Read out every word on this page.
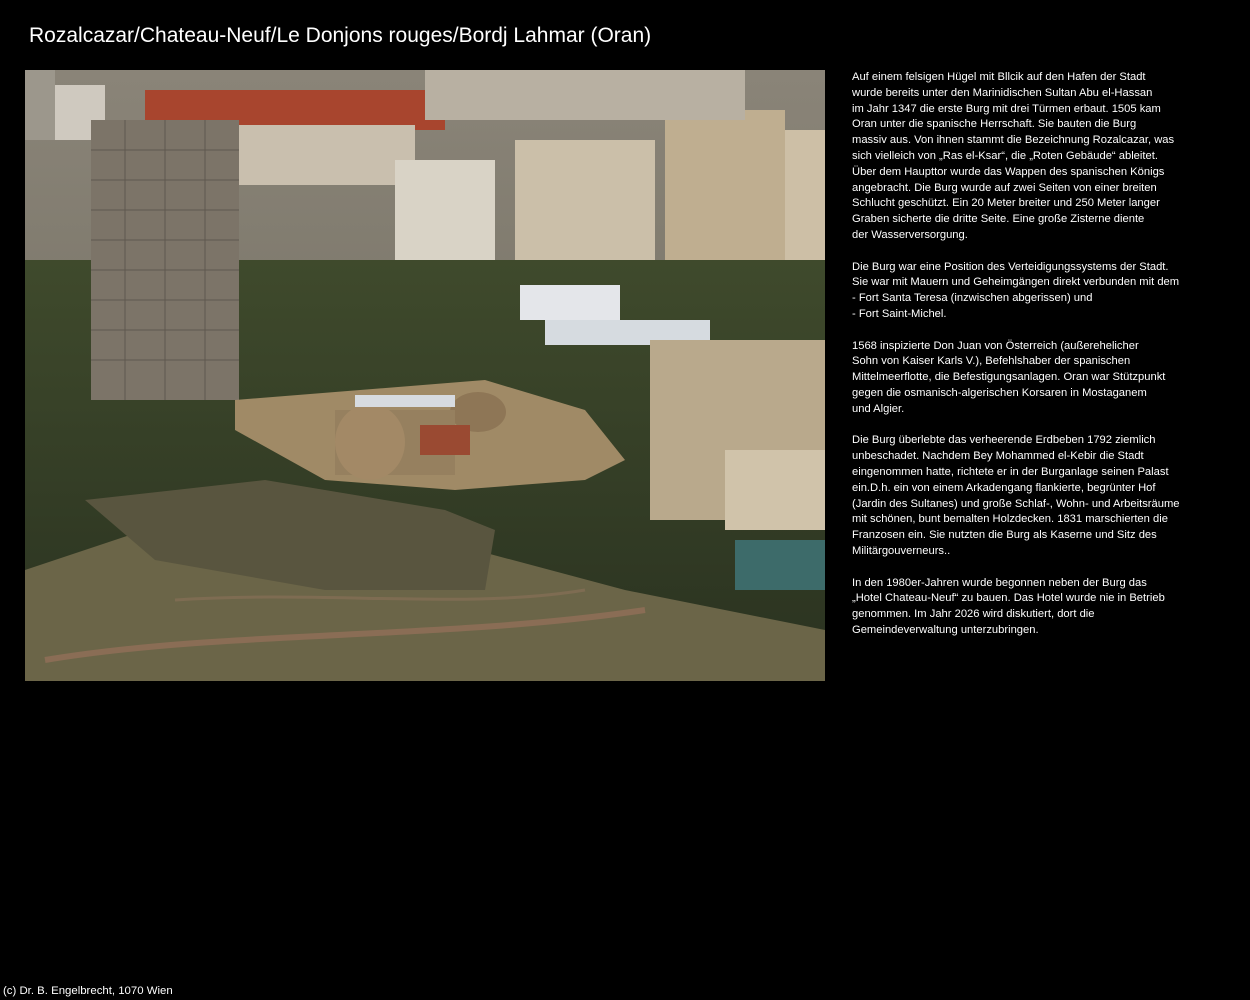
Rozalcazar/Chateau-Neuf/Le Donjons rouges/Bordj Lahmar (Oran)

Auf einem felsigen Hügel mit Bllcik auf den Hafen der Stadt
wurde bereits unter den Marinidischen Sultan Abu el-Hassan
im Jahr 1347 die erste Burg mit drei Türmen erbaut. 1505 kam
Oran unter die spanische Herrschaft. Sie bauten die Burg
massiv aus. Von ihnen stammt die Bezeichnung Rozalcazar, was
sich vielleich von „Ras el-Ksar“, die „Roten Gebäude“ ableitet.
Über dem Haupttor wurde das Wappen des spanischen Königs
angebracht. Die Burg wurde auf zwei Seiten von einer breiten
Schlucht geschützt. Ein 20 Meter breiter und 250 Meter langer
Graben sicherte die dritte Seite. Eine große Zisterne diente
der Wasserversorgung.

Die Burg war eine Position des Verteidigungssystems der Stadt.
Sie war mit Mauern und Geheimgängen direkt verbunden mit dem
- Fort Santa Teresa (inzwischen abgerissen) und
- Fort Saint-Michel.

1568 inspizierte Don Juan von Österreich (außerehelicher
Sohn von Kaiser Karls V.), Befehlshaber der spanischen
Mittelmeerflotte, die Befestigungsanlagen. Oran war Stützpunkt
gegen die osmanisch-algerischen Korsaren in Mostaganem
und Algier.

Die Burg überlebte das verheerende Erdbeben 1792 ziemlich
unbeschadet. Nachdem Bey Mohammed el-Kebir die Stadt
eingenommen hatte, richtete er in der Burganlage seinen Palast
ein.D.h. ein von einem Arkadengang flankierte, begrünter Hof
(Jardin des Sultanes) und große Schlaf-, Wohn- und Arbeitsräume
mit schönen, bunt bemalten Holzdecken. 1831 marschierten die
Franzosen ein. Sie nutzten die Burg als Kaserne und Sitz des
Militärgouverneurs..

In den 1980er-Jahren wurde begonnen neben der Burg das
„Hotel Chateau-Neuf“ zu bauen. Das Hotel wurde nie in Betrieb
genommen. Im Jahr 2026 wird diskutiert, dort die
Gemeindeverwaltung unterzubringen.

(c) Dr. B. Engelbrecht, 1070 Wien
